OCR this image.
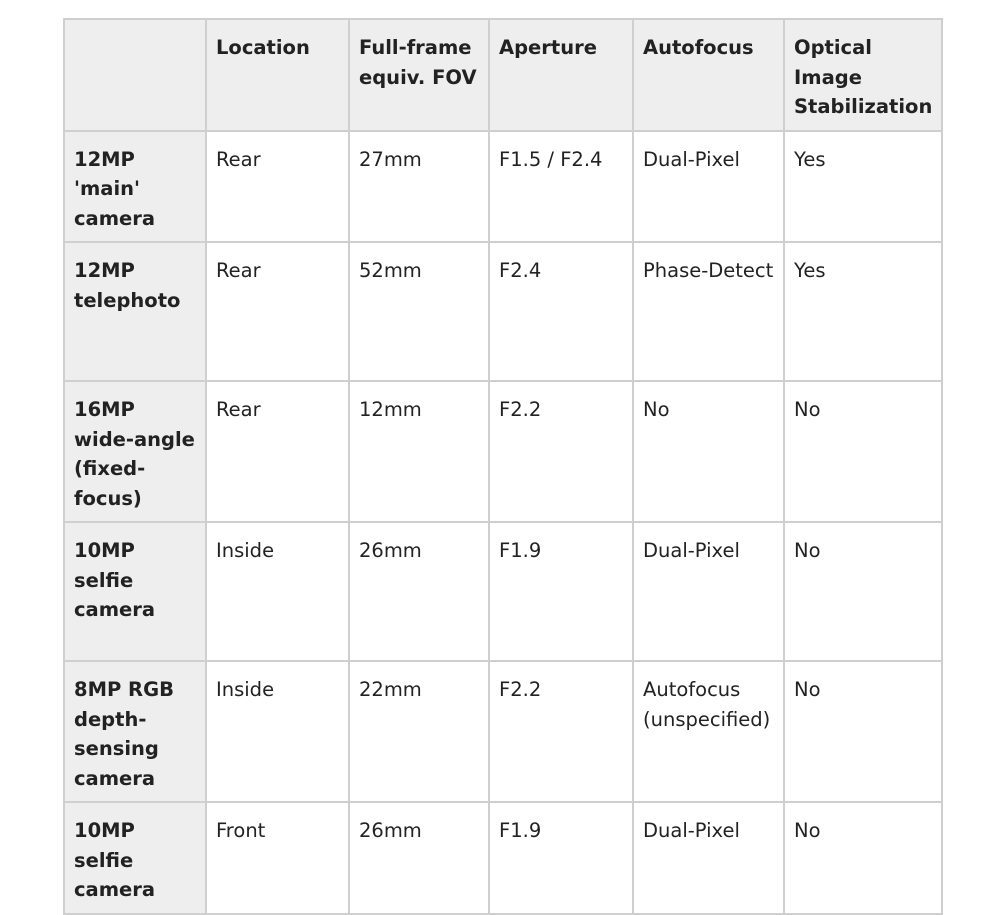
	Location	Full-frame equiv. FOV	Aperture	Autofocus	Optical Image Stabilization
12MP 'main' camera	Rear	27mm	F1.5 / F2.4	Dual-Pixel	Yes
12MP telephoto	Rear	52mm	F2.4	Phase-Detect	Yes
16MP wide-angle (fixed-focus)	Rear	12mm	F2.2	No	No
10MP selfie camera	Inside	26mm	F1.9	Dual-Pixel	No
8MP RGB depth-sensing camera	Inside	22mm	F2.2	Autofocus (unspecified)	No
10MP selfie camera	Front	26mm	F1.9	Dual-Pixel	No
